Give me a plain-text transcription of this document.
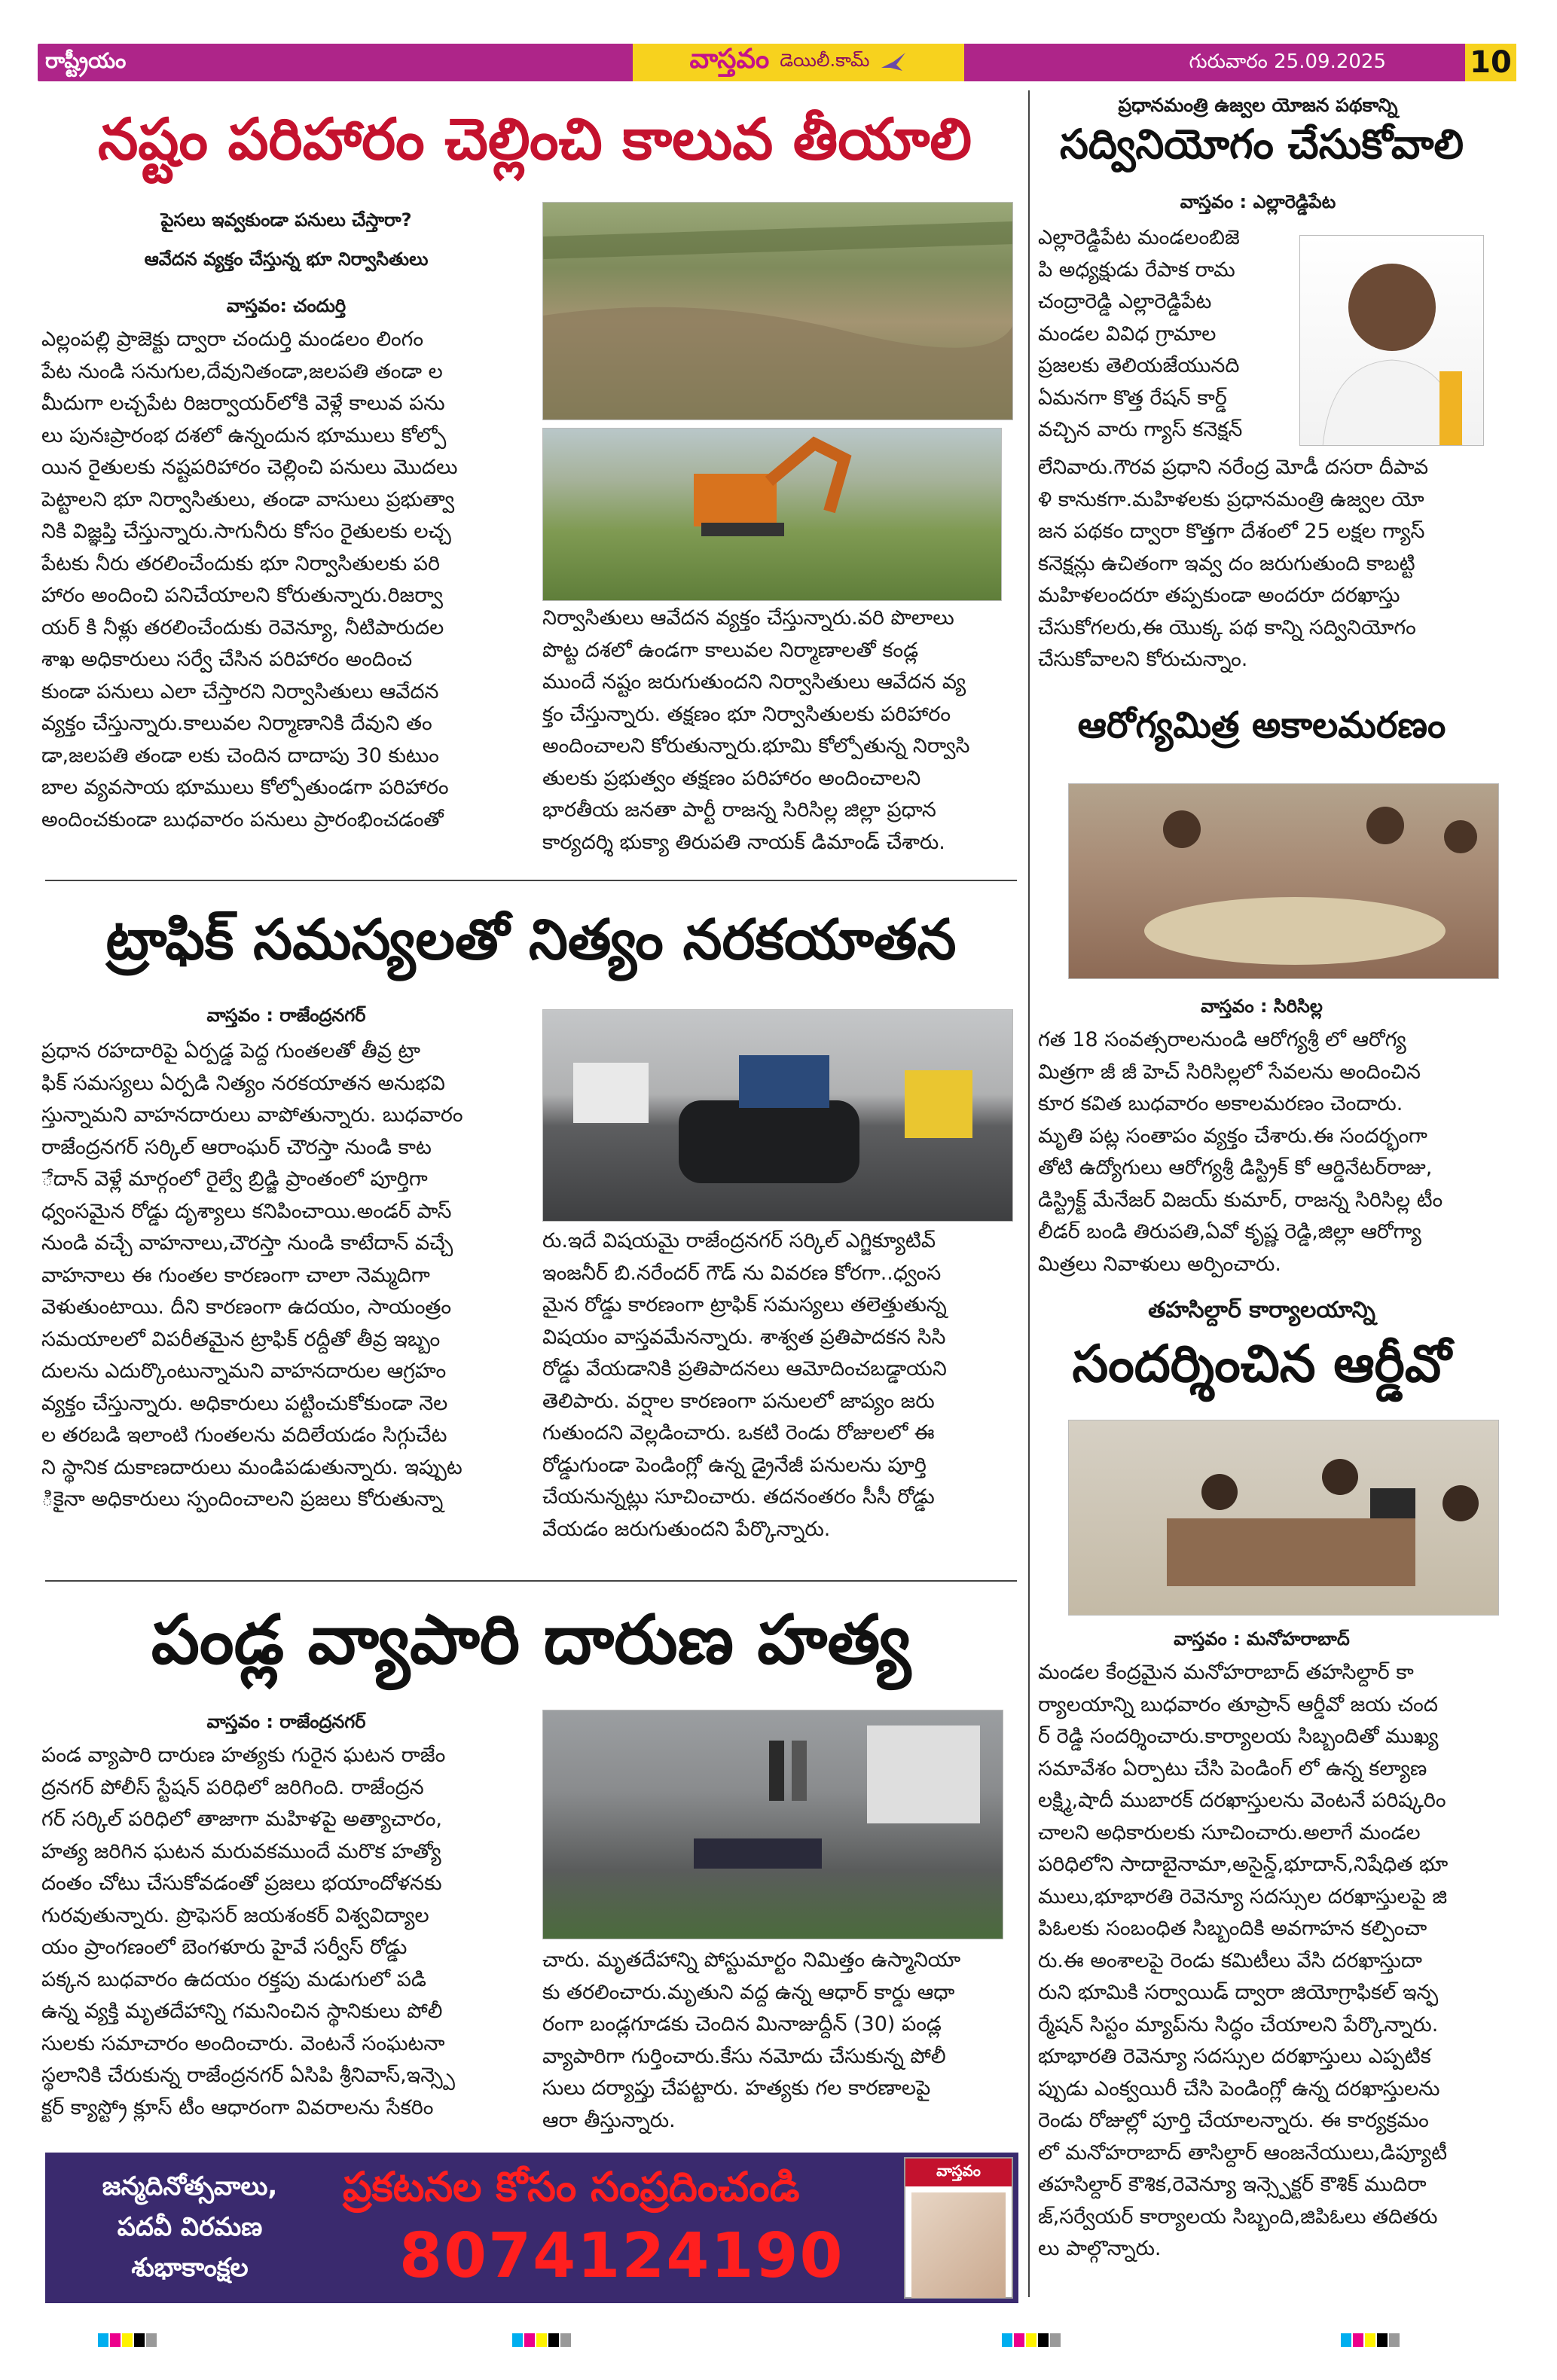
రాష్ట్రీయం	వాస్తవం డెయిలీ.కామ్	గురువారం 25.09.2025	10
నష్టం పరిహారం చెల్లించి కాలువ తీయాలి
పైసలు ఇవ్వకుండా పనులు చేస్తారా?
ఆవేదన వ్యక్తం చేస్తున్న భూ నిర్వాసితులు
వాస్తవం: చందుర్తి
ఎల్లంపల్లి ప్రాజెక్టు ద్వారా చందుర్తి మండలం లింగం
పేట నుండి సనుగుల,దేవునితండా,జలపతి తండా ల
మీదుగా లచ్చపేట రిజర్వాయర్‌లోకి వెళ్లే కాలువ పను
లు పునఃప్రారంభ దశలో ఉన్నందున భూములు కోల్పో
యిన రైతులకు నష్టపరిహారం చెల్లించి పనులు మొదలు
పెట్టాలని భూ నిర్వాసితులు, తండా వాసులు ప్రభుత్వా
నికి విజ్ఞప్తి చేస్తున్నారు.సాగునీరు కోసం రైతులకు లచ్చ
పేటకు నీరు తరలించేందుకు భూ నిర్వాసితులకు పరి
హారం అందించి పనిచేయాలని కోరుతున్నారు.రిజర్వా
యర్ కి నీళ్లు తరలించేందుకు రెవెన్యూ, నీటిపారుదల
శాఖ అధికారులు సర్వే చేసిన పరిహారం అందించ
కుండా పనులు ఎలా చేస్తారని నిర్వాసితులు ఆవేదన
వ్యక్తం చేస్తున్నారు.కాలువల నిర్మాణానికి దేవుని తం
డా,జలపతి తండా లకు చెందిన దాదాపు 30 కుటుం
బాల వ్యవసాయ భూములు కోల్పోతుండగా పరిహారం
అందించకుండా బుధవారం పనులు ప్రారంభించడంతో
నిర్వాసితులు ఆవేదన వ్యక్తం చేస్తున్నారు.వరి పొలాలు
పొట్ట దశలో ఉండగా కాలువల నిర్మాణాలతో కండ్ల
ముందే నష్టం జరుగుతుందని నిర్వాసితులు ఆవేదన వ్య
క్తం చేస్తున్నారు. తక్షణం భూ నిర్వాసితులకు పరిహారం
అందించాలని కోరుతున్నారు.భూమి కోల్పోతున్న నిర్వాసి
తులకు ప్రభుత్వం తక్షణం పరిహారం అందించాలని
భారతీయ జనతా పార్టీ రాజన్న సిరిసిల్ల జిల్లా ప్రధాన
కార్యదర్శి భుక్యా తిరుపతి నాయక్ డిమాండ్ చేశారు.
ట్రాఫిక్ సమస్యలతో నిత్యం నరకయాతన
వాస్తవం : రాజేంద్రనగర్
ప్రధాన రహదారిపై ఏర్పడ్డ పెద్ద గుంతలతో తీవ్ర ట్రా
ఫిక్ సమస్యలు ఏర్పడి నిత్యం నరకయాతన అనుభవి
స్తున్నామని వాహనదారులు వాపోతున్నారు. బుధవారం
రాజేంద్రనగర్ సర్కిల్ ఆరాంఘర్ చౌరస్తా నుండి కాట
ేదాన్ వెళ్లే మార్గంలో రైల్వే బ్రిడ్జి ప్రాంతంలో పూర్తిగా
ధ్వంసమైన రోడ్డు దృశ్యాలు కనిపించాయి.అండర్ పాస్
నుండి వచ్చే వాహనాలు,చౌరస్తా నుండి కాటేదాన్ వచ్చే
వాహనాలు ఈ గుంతల కారణంగా చాలా నెమ్మదిగా
వెళుతుంటాయి. దీని కారణంగా ఉదయం, సాయంత్రం
సమయాలలో విపరీతమైన ట్రాఫిక్ రద్దీతో తీవ్ర ఇబ్బం
దులను ఎదుర్కొంటున్నామని వాహనదారుల ఆగ్రహం
వ్యక్తం చేస్తున్నారు. అధికారులు పట్టించుకోకుండా నెల
ల తరబడి ఇలాంటి గుంతలను వదిలేయడం సిగ్గుచేట
ని స్థానిక దుకాణదారులు మండిపడుతున్నారు. ఇప్పుట
ికైనా అధికారులు స్పందించాలని ప్రజలు కోరుతున్నా
రు.ఇదే విషయమై రాజేంద్రనగర్ సర్కిల్ ఎగ్జిక్యూటివ్
ఇంజనీర్ బి.నరేందర్ గౌడ్ ను వివరణ కోరగా..ధ్వంస
మైన రోడ్డు కారణంగా ట్రాఫిక్ సమస్యలు తలెత్తుతున్న
విషయం వాస్తవమేనన్నారు. శాశ్వత ప్రతిపాదకన సిసి
రోడ్డు వేయడానికి ప్రతిపాదనలు ఆమోదించబడ్డాయని
తెలిపారు. వర్షాల కారణంగా పనులలో జాప్యం జరు
గుతుందని వెల్లడించారు. ఒకటి రెండు రోజులలో ఈ
రోడ్డుగుండా పెండింగ్లో ఉన్న డ్రైనేజీ పనులను పూర్తి
చేయనున్నట్లు సూచించారు. తదనంతరం సీసీ రోడ్డు
వేయడం జరుగుతుందని పేర్కొన్నారు.
పండ్ల వ్యాపారి దారుణ హత్య
వాస్తవం : రాజేంద్రనగర్
పండ వ్యాపారి దారుణ హత్యకు గురైన ఘటన రాజేం
ద్రనగర్ పోలీస్ స్టేషన్ పరిధిలో జరిగింది. రాజేంద్రన
గర్ సర్కిల్ పరిధిలో తాజాగా మహిళపై అత్యాచారం,
హత్య జరిగిన ఘటన మరువకముందే మరొక హత్యో
దంతం చోటు చేసుకోవడంతో ప్రజలు భయాందోళనకు
గురవుతున్నారు. ప్రొఫెసర్ జయశంకర్ విశ్వవిద్యాల
యం ప్రాంగణంలో బెంగళూరు హైవే సర్వీస్ రోడ్డు
పక్కన బుధవారం ఉదయం రక్తపు మడుగులో పడి
ఉన్న వ్యక్తి మృతదేహాన్ని గమనించిన స్థానికులు పోలీ
సులకు సమాచారం అందించారు. వెంటనే సంఘటనా
స్థలానికి చేరుకున్న రాజేంద్రనగర్ ఏసిపి శ్రీనివాస్,ఇన్స్పె
క్టర్ క్యాస్ట్రో క్లూస్ టీం ఆధారంగా వివరాలను సేకరిం
చారు. మృతదేహాన్ని పోస్టుమార్టం నిమిత్తం ఉస్మానియా
కు తరలించారు.మృతుని వద్ద ఉన్న ఆధార్ కార్డు ఆధా
రంగా బండ్లగూడకు చెందిన మినాజుద్దీన్ (30) పండ్ల
వ్యాపారిగా గుర్తించారు.కేసు నమోదు చేసుకున్న పోలీ
సులు దర్యాప్తు చేపట్టారు. హత్యకు గల కారణాలపై
ఆరా తీస్తున్నారు.
జన్మదినోత్సవాలు,
పదవీ విరమణ
శుభాకాంక్షల
ప్రకటనల కోసం సంప్రదించండి
8074124190
వాస్తవం
ప్రధానమంత్రి ఉజ్వల యోజన పథకాన్ని
సద్వినియోగం చేసుకోవాలి
వాస్తవం : ఎల్లారెడ్డిపేట
ఎల్లారెడ్డిపేట మండలంబిజె
పి అధ్యక్షుడు రేపాక రామ
చంద్రారెడ్డి ఎల్లారెడ్డిపేట
మండల వివిధ గ్రామాల
ప్రజలకు తెలియజేయునది
ఏమనగా కొత్త రేషన్ కార్డ్
వచ్చిన వారు గ్యాస్ కనెక్షన్
లేనివారు.గౌరవ ప్రధాని నరేంద్ర మోడీ దసరా దీపావ
ళి కానుకగా.మహిళలకు ప్రధానమంత్రి ఉజ్వల యో
జన పథకం ద్వారా కొత్తగా దేశంలో 25 లక్షల గ్యాస్
కనెక్షన్లు ఉచితంగా ఇవ్వ దం జరుగుతుంది కాబట్టి
మహిళలందరూ తప్పకుండా అందరూ దరఖాస్తు
చేసుకోగలరు,ఈ యొక్క పథ కాన్ని సద్వినియోగం
చేసుకోవాలని కోరుచున్నాం.
ఆరోగ్యమిత్ర అకాలమరణం
వాస్తవం : సిరిసిల్ల
గత 18 సంవత్సరాలనుండి ఆరోగ్యశ్రీ లో ఆరోగ్య
మిత్రగా జీ జీ హెచ్ సిరిసిల్లలో సేవలను అందించిన
కూర కవిత బుధవారం అకాలమరణం చెందారు.
మృతి పట్ల సంతాపం వ్యక్తం చేశారు.ఈ సందర్భంగా
తోటి ఉద్యోగులు ఆరోగ్యశ్రీ డిస్ట్రిక్ కో ఆర్డినేటర్‌రాజు,
డిస్ట్రిక్ట్ మేనేజర్ విజయ్ కుమార్, రాజన్న సిరిసిల్ల టీం
లీడర్ బండి తిరుపతి,ఏవో కృష్ణ రెడ్డి,జిల్లా ఆరోగ్యా
మిత్రలు నివాళులు అర్పించారు.
తహసిల్దార్ కార్యాలయాన్ని
సందర్శించిన ఆర్డీవో
వాస్తవం : మనోహరాబాద్
మండల కేంద్రమైన మనోహరాబాద్ తహసిల్దార్ కా
ర్యాలయాన్ని బుధవారం తూప్రాన్ ఆర్డీవో జయ చంద
ర్ రెడ్డి సందర్శించారు.కార్యాలయ సిబ్బందితో ముఖ్య
సమావేశం ఏర్పాటు చేసి పెండింగ్ లో ఉన్న కల్యాణ
లక్ష్మి,షాదీ ముబారక్ దరఖాస్తులను వెంటనే పరిష్కరిం
చాలని అధికారులకు సూచించారు.అలాగే మండల
పరిధిలోని సాదాబైనామా,అసైన్డ్,భూదాన్,నిషేధిత భూ
ములు,భూభారతి రెవెన్యూ సదస్సుల దరఖాస్తులపై జి
పిఓలకు సంబంధిత సిబ్బందికి అవగాహన కల్పించా
రు.ఈ అంశాలపై రెండు కమిటీలు వేసి దరఖాస్తుదా
రుని భూమికి సర్వాయిడ్ ద్వారా జియోగ్రాఫికల్ ఇన్ఫ
ర్మేషన్ సిస్టం మ్యాప్‌ను సిద్ధం చేయాలని పేర్కొన్నారు.
భూభారతి రెవెన్యూ సదస్సుల దరఖాస్తులు ఎప్పటిక
ప్పుడు ఎంక్వయిరీ చేసి పెండింగ్లో ఉన్న దరఖాస్తులను
రెండు రోజుల్లో పూర్తి చేయాలన్నారు. ఈ కార్యక్రమం
లో మనోహరాబాద్ తాసిల్దార్ ఆంజనేయులు,డిప్యూటీ
తహసిల్దార్ కౌశిక,రెవెన్యూ ఇన్స్పెక్టర్ కౌశిక్ ముదిరా
జ్,సర్వేయర్ కార్యాలయ సిబ్బంది,జిపిఓలు తదితరు
లు పాల్గొన్నారు.
